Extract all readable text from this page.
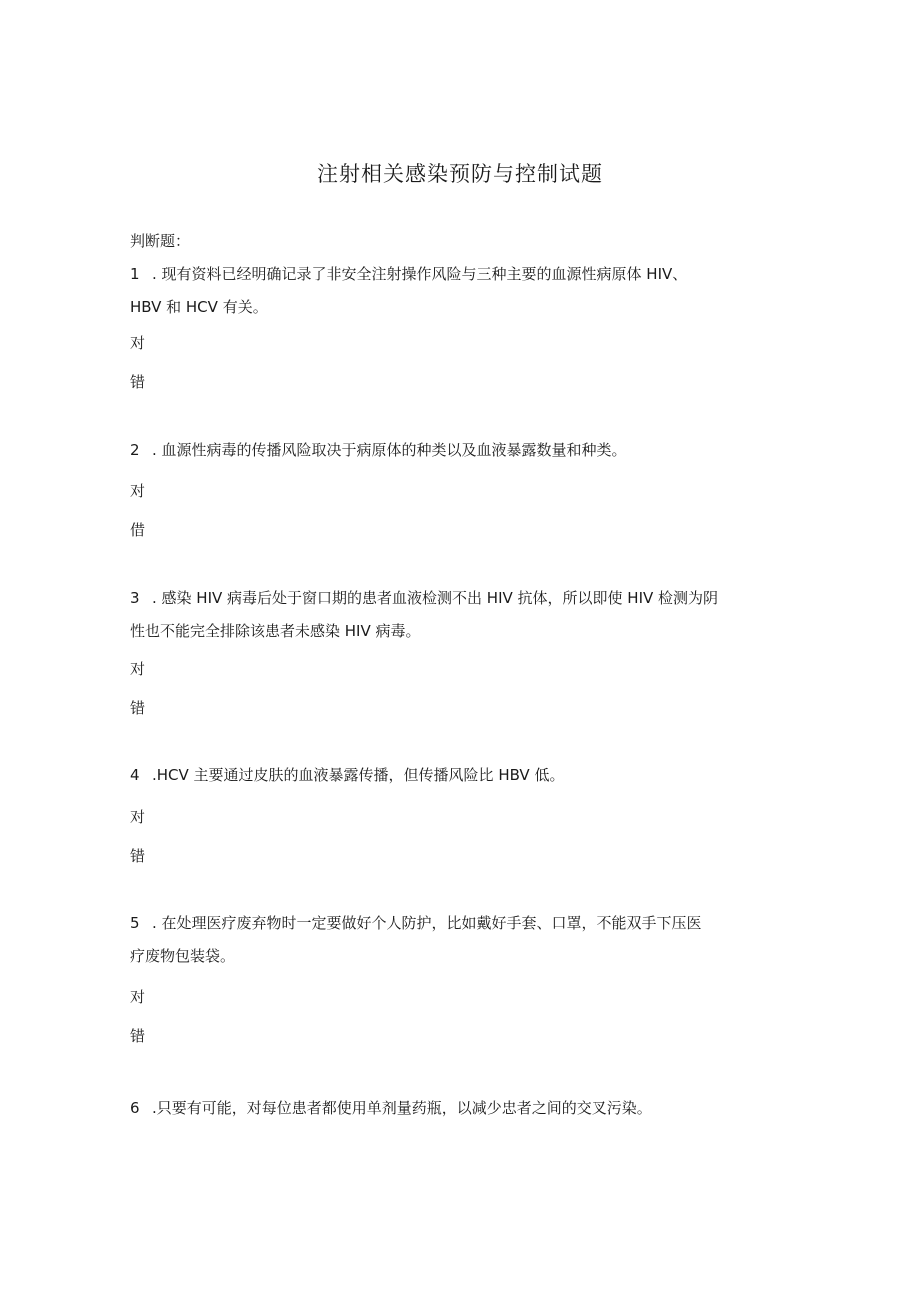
注射相关感染预防与控制试题
判断题：
1 . 现有资料已经明确记录了非安全注射操作风险与三种主要的血源性病原体 HIV、
HBV 和 HCV 有关。
对
错
2 . 血源性病毒的传播风险取决于病原体的种类以及血液暴露数量和种类。
对
借
3 . 感染 HIV 病毒后处于窗口期的患者血液检测不出 HIV 抗体，所以即使 HIV 检测为阴
性也不能完全排除该患者未感染 HIV 病毒。
对
错
4 .HCV 主要通过皮肤的血液暴露传播，但传播风险比 HBV 低。
对
错
5 . 在处理医疗废弃物时一定要做好个人防护，比如戴好手套、口罩，不能双手下压医
疗废物包装袋。
对
错
6 .只要有可能，对每位患者都使用单剂量药瓶，以减少忠者之间的交叉污染。
